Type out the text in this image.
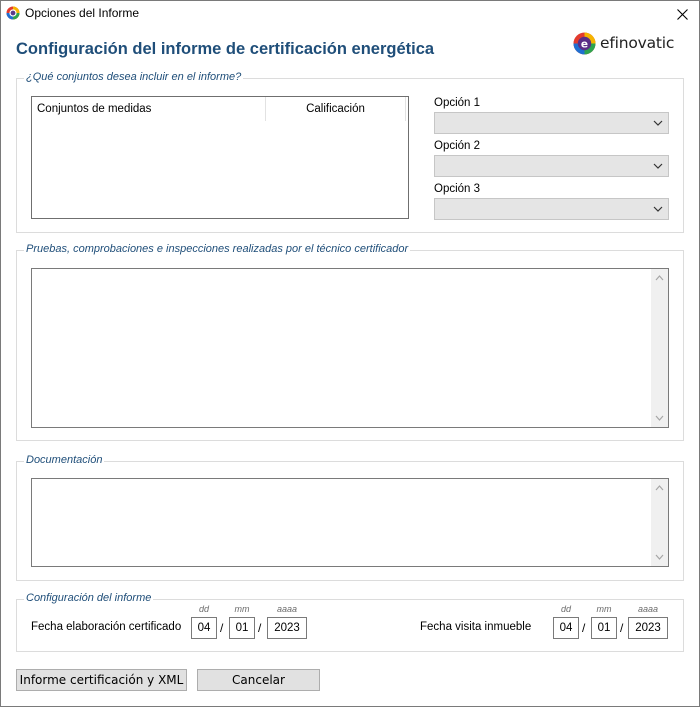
Opciones del Informe
Configuración del informe de certificación energética	e efinovatic
¿Qué conjuntos desea incluir en el informe?
Conjuntos de medidas	Calificación	Opción 1
Opción 2
Opción 3
Pruebas, comprobaciones e inspecciones realizadas por el técnico certificador
Documentación
Configuración del informe
Fecha elaboración certificado
dd	mm	aaaa
04 /	01 /	2023	Fecha visita inmueble
dd	mm	aaaa
04 /	01 /	2023
Informe certificación y XML	Cancelar
